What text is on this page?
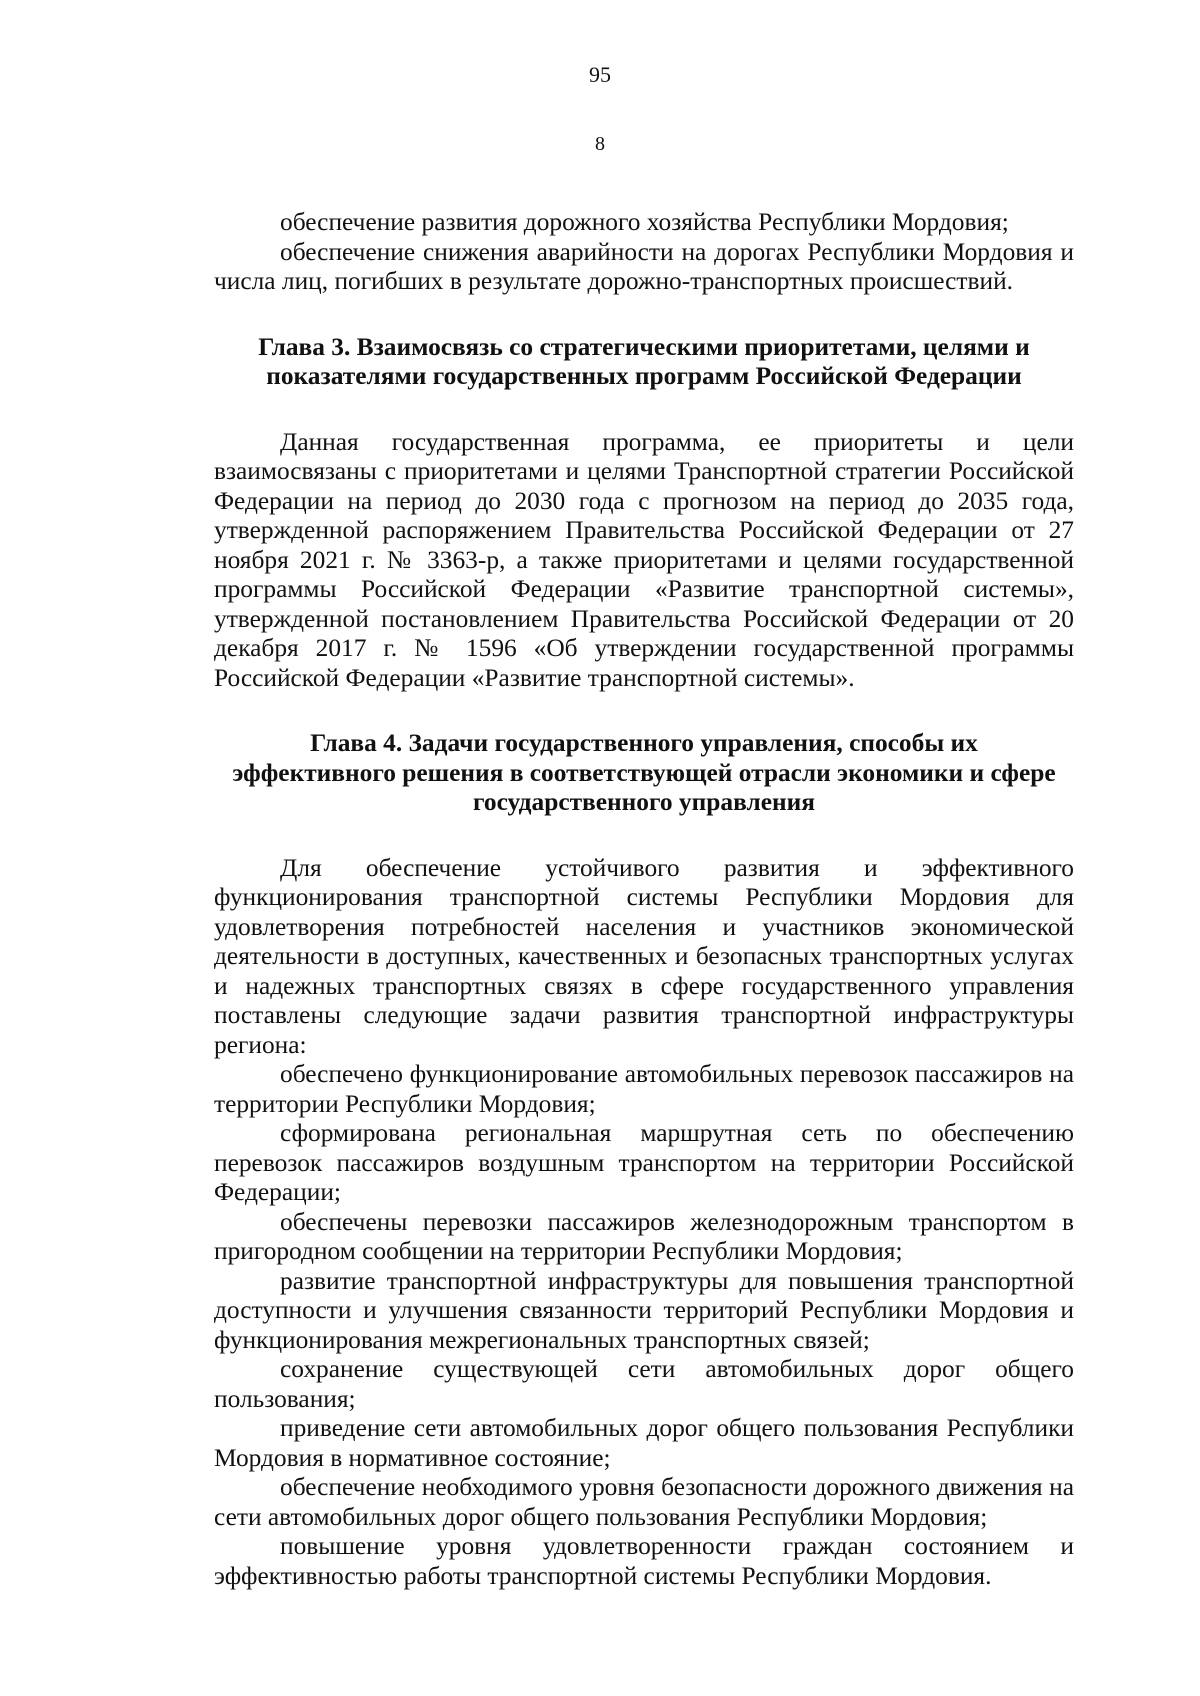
95
8

обеспечение развития дорожного хозяйства Республики Мордовия;

обеспечение снижения аварийности на дорогах Республики Мордовия и числа лиц, погибших в результате дорожно-транспортных происшествий.

Глава 3. Взаимосвязь со стратегическими приоритетами, целями и
показателями государственных программ Российской Федерации

Данная государственная программа, ее приоритеты и цели взаимосвязаны с приоритетами и целями Транспортной стратегии Российской Федерации на период до 2030 года с прогнозом на период до 2035 года, утвержденной распоряжением Правительства Российской Федерации от 27 ноября 2021 г. № 3363-р, а также приоритетами и целями государственной программы Российской Федерации «Развитие транспортной системы», утвержденной постановлением Правительства Российской Федерации от 20 декабря 2017 г. № 1596 «Об утверждении государственной программы Российской Федерации «Развитие транспортной системы».

Глава 4. Задачи государственного управления, способы их
эффективного решения в соответствующей отрасли экономики и сфере
государственного управления

Для обеспечение устойчивого развития и эффективного функционирования транспортной системы Республики Мордовия для удовлетворения потребностей населения и участников экономической деятельности в доступных, качественных и безопасных транспортных услугах и надежных транспортных связях в сфере государственного управления поставлены следующие задачи развития транспортной инфраструктуры региона:

обеспечено функционирование автомобильных перевозок пассажиров на территории Республики Мордовия;

сформирована региональная маршрутная сеть по обеспечению перевозок пассажиров воздушным транспортом на территории Российской Федерации;

обеспечены перевозки пассажиров железнодорожным транспортом в пригородном сообщении на территории Республики Мордовия;

развитие транспортной инфраструктуры для повышения транспортной доступности и улучшения связанности территорий Республики Мордовия и функционирования межрегиональных транспортных связей;

сохранение существующей сети автомобильных дорог общего пользования;

приведение сети автомобильных дорог общего пользования Республики Мордовия в нормативное состояние;

обеспечение необходимого уровня безопасности дорожного движения на сети автомобильных дорог общего пользования Республики Мордовия;

повышение уровня удовлетворенности граждан состоянием и эффективностью работы транспортной системы Республики Мордовия.
